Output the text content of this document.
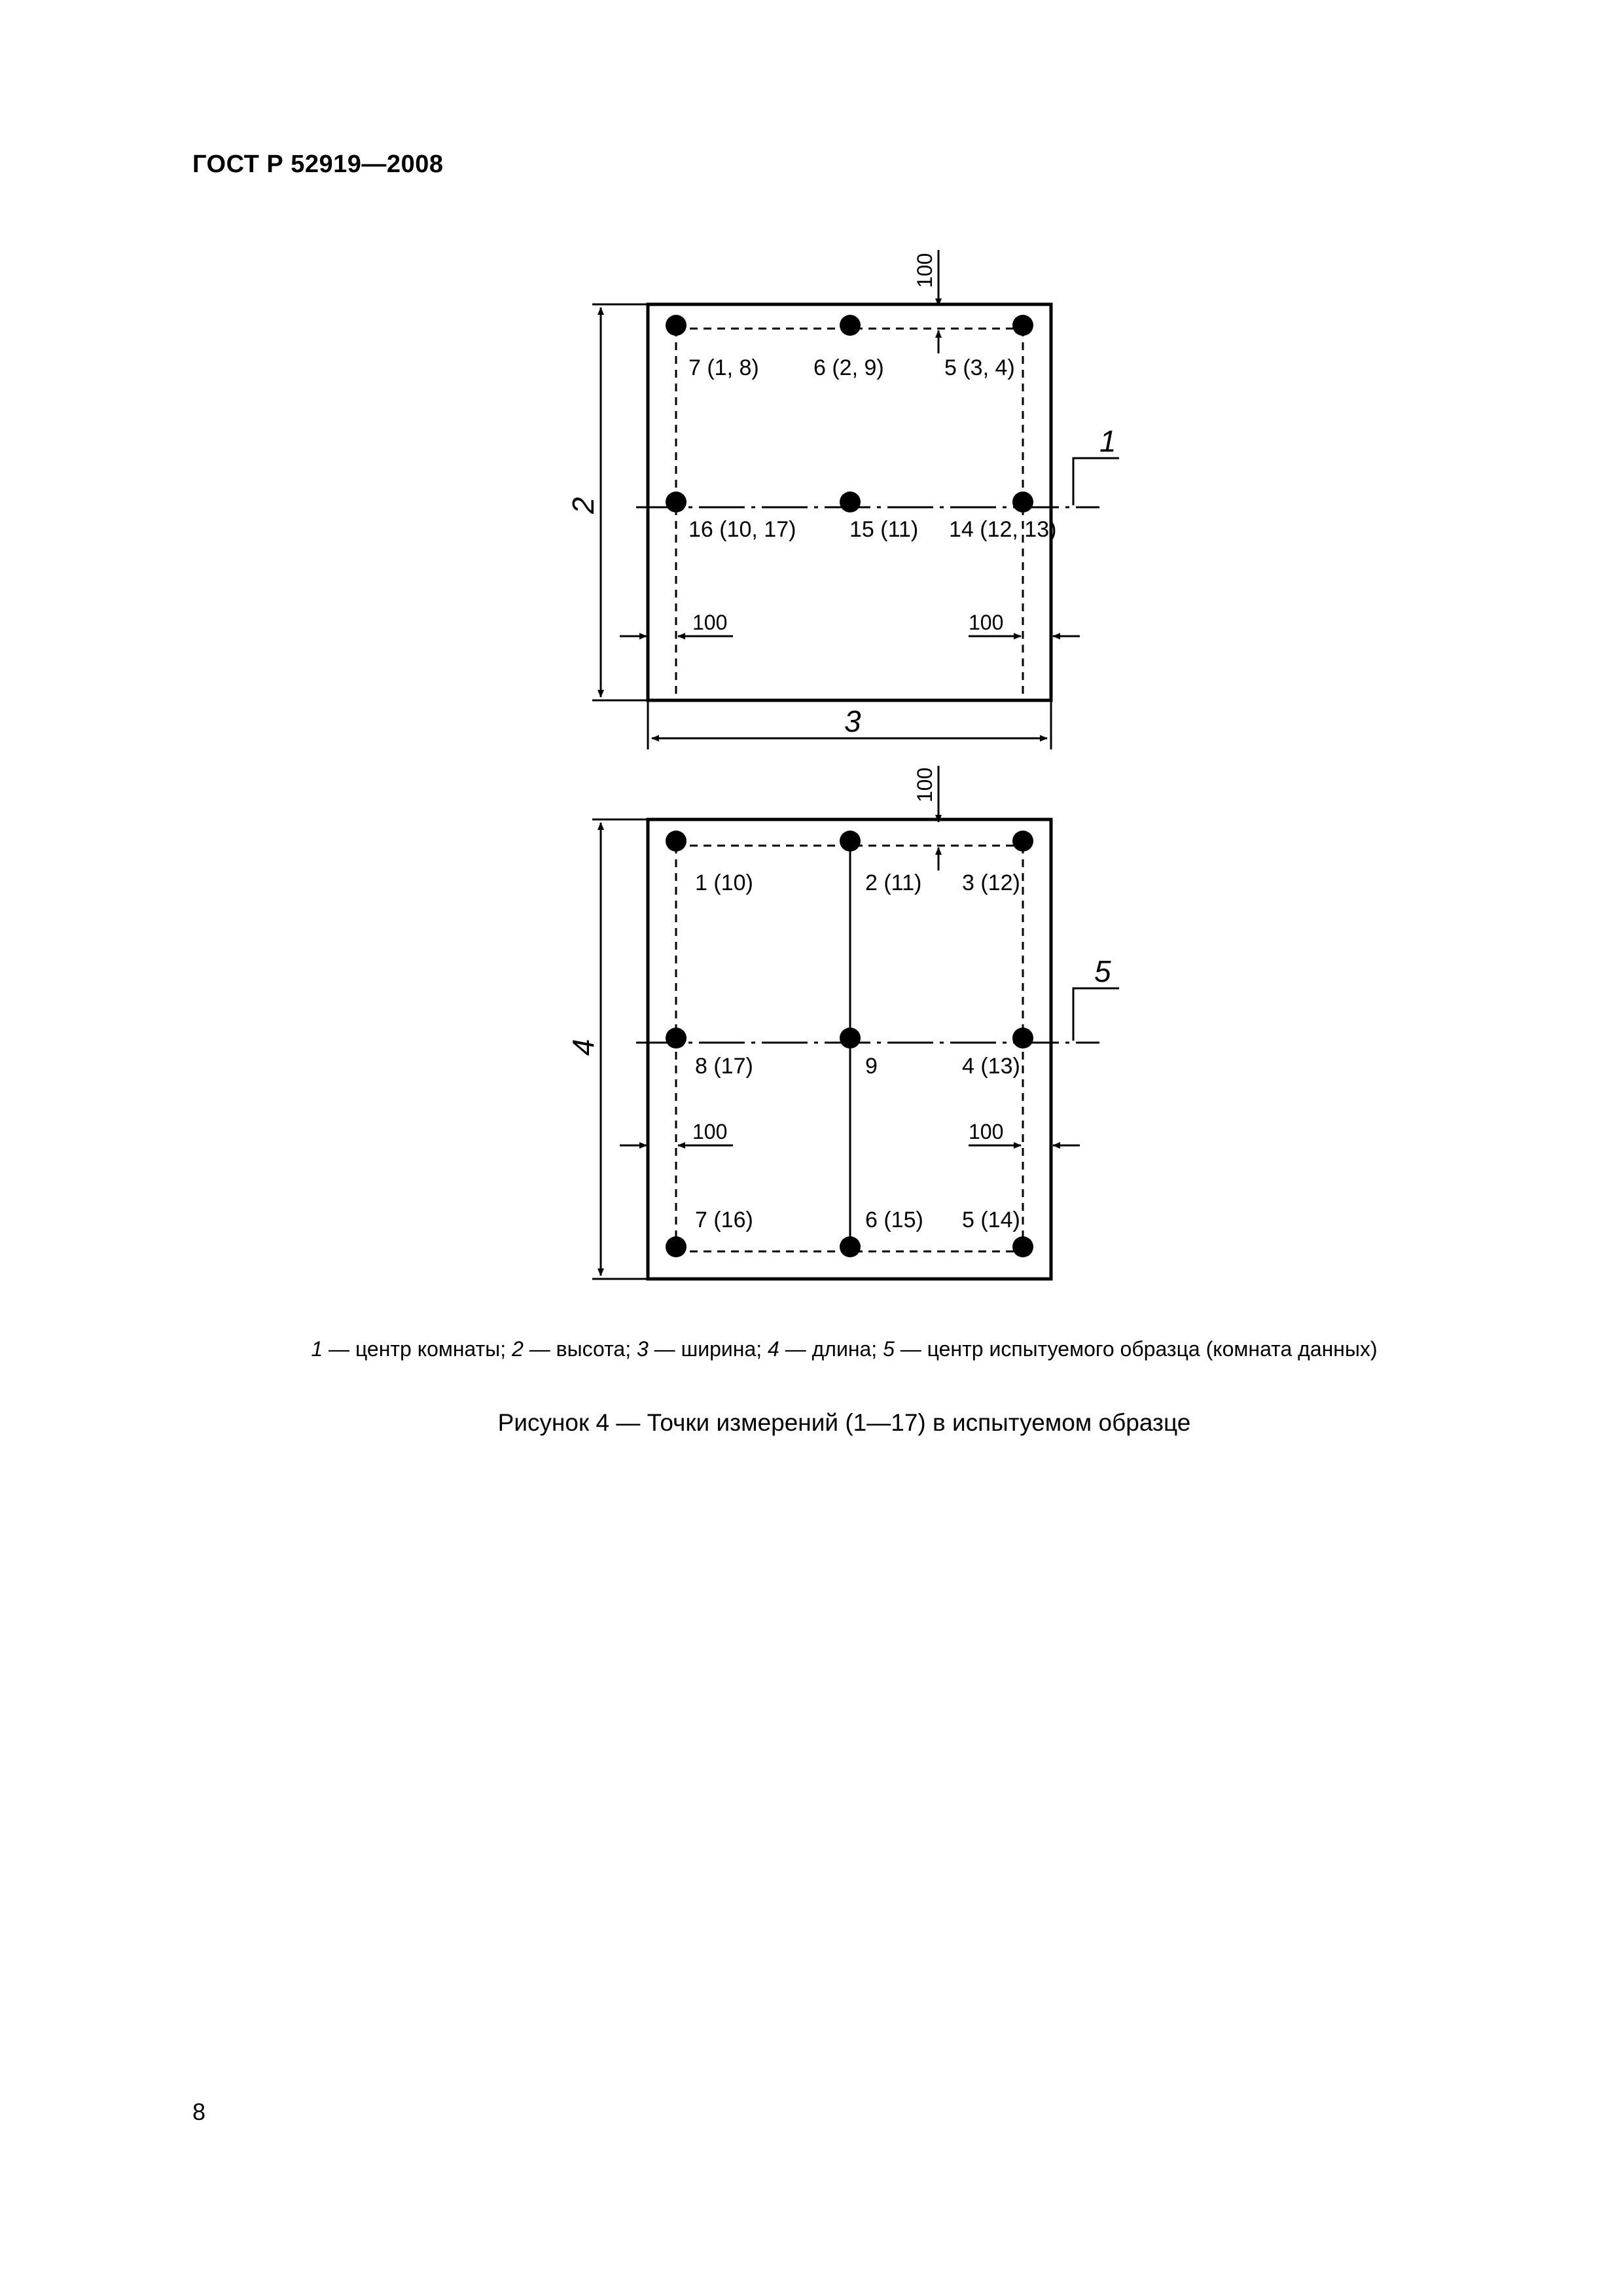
ГОСТ Р 52919—2008
7 (1, 8) 6 (2, 9)	5 (3, 4)
16 (10, 17) 15 (11) 14 (12, 13)
100
100	100
2
3
1
1 (10)	2 (11) 3 (12)
8 (17)	9	4 (13)
7 (16)	6 (15) 5 (14)
100
100	100
4
5
1 — центр комнаты; 2 — высота; 3 — ширина; 4 — длина; 5 — центр испытуемого образца (комната данных)
Рисунок 4 — Точки измерений (1—17) в испытуемом образце
8
